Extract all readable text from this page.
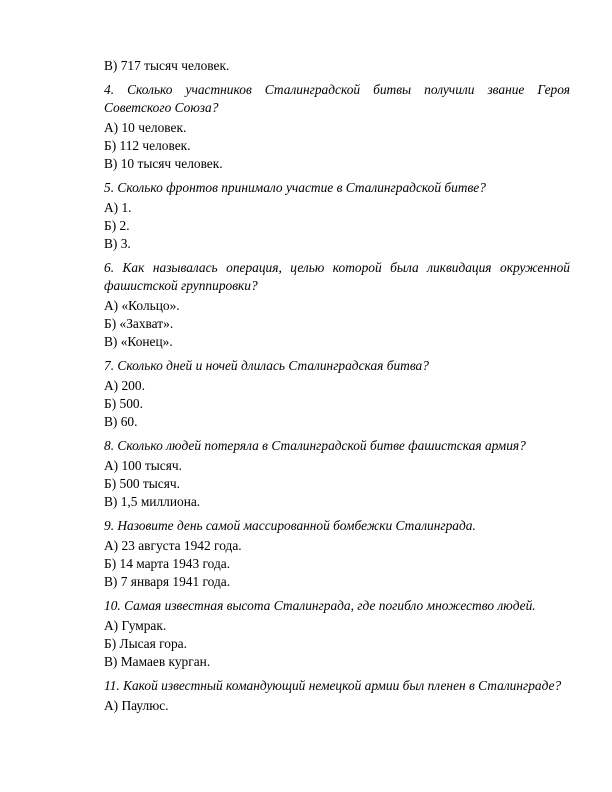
В) 717 тысяч человек.

4. Сколько участников Сталинградской битвы получили звание Героя Советского Союза?

А) 10 человек.

Б) 112 человек.

В) 10 тысяч человек.

5. Сколько фронтов принимало участие в Сталинградской битве?

А) 1.

Б) 2.

В) 3.

6. Как называлась операция, целью которой была ликвидация окруженной фашистской группировки?

А) «Кольцо».

Б) «Захват».

В) «Конец».

7. Сколько дней и ночей длилась Сталинградская битва?

А) 200.

Б) 500.

В) 60.

8. Сколько людей потеряла в Сталинградской битве фашистская армия?

А) 100 тысяч.

Б) 500 тысяч.

В) 1,5 миллиона.

9. Назовите день самой массированной бомбежки Сталинграда.

А) 23 августа 1942 года.

Б) 14 марта 1943 года.

В) 7 января 1941 года.

10. Самая известная высота Сталинграда, где погибло множество людей.

А) Гумрак.

Б) Лысая гора.

В) Мамаев курган.

11. Какой известный командующий немецкой армии был пленен в Сталинграде?

А) Паулюс.
